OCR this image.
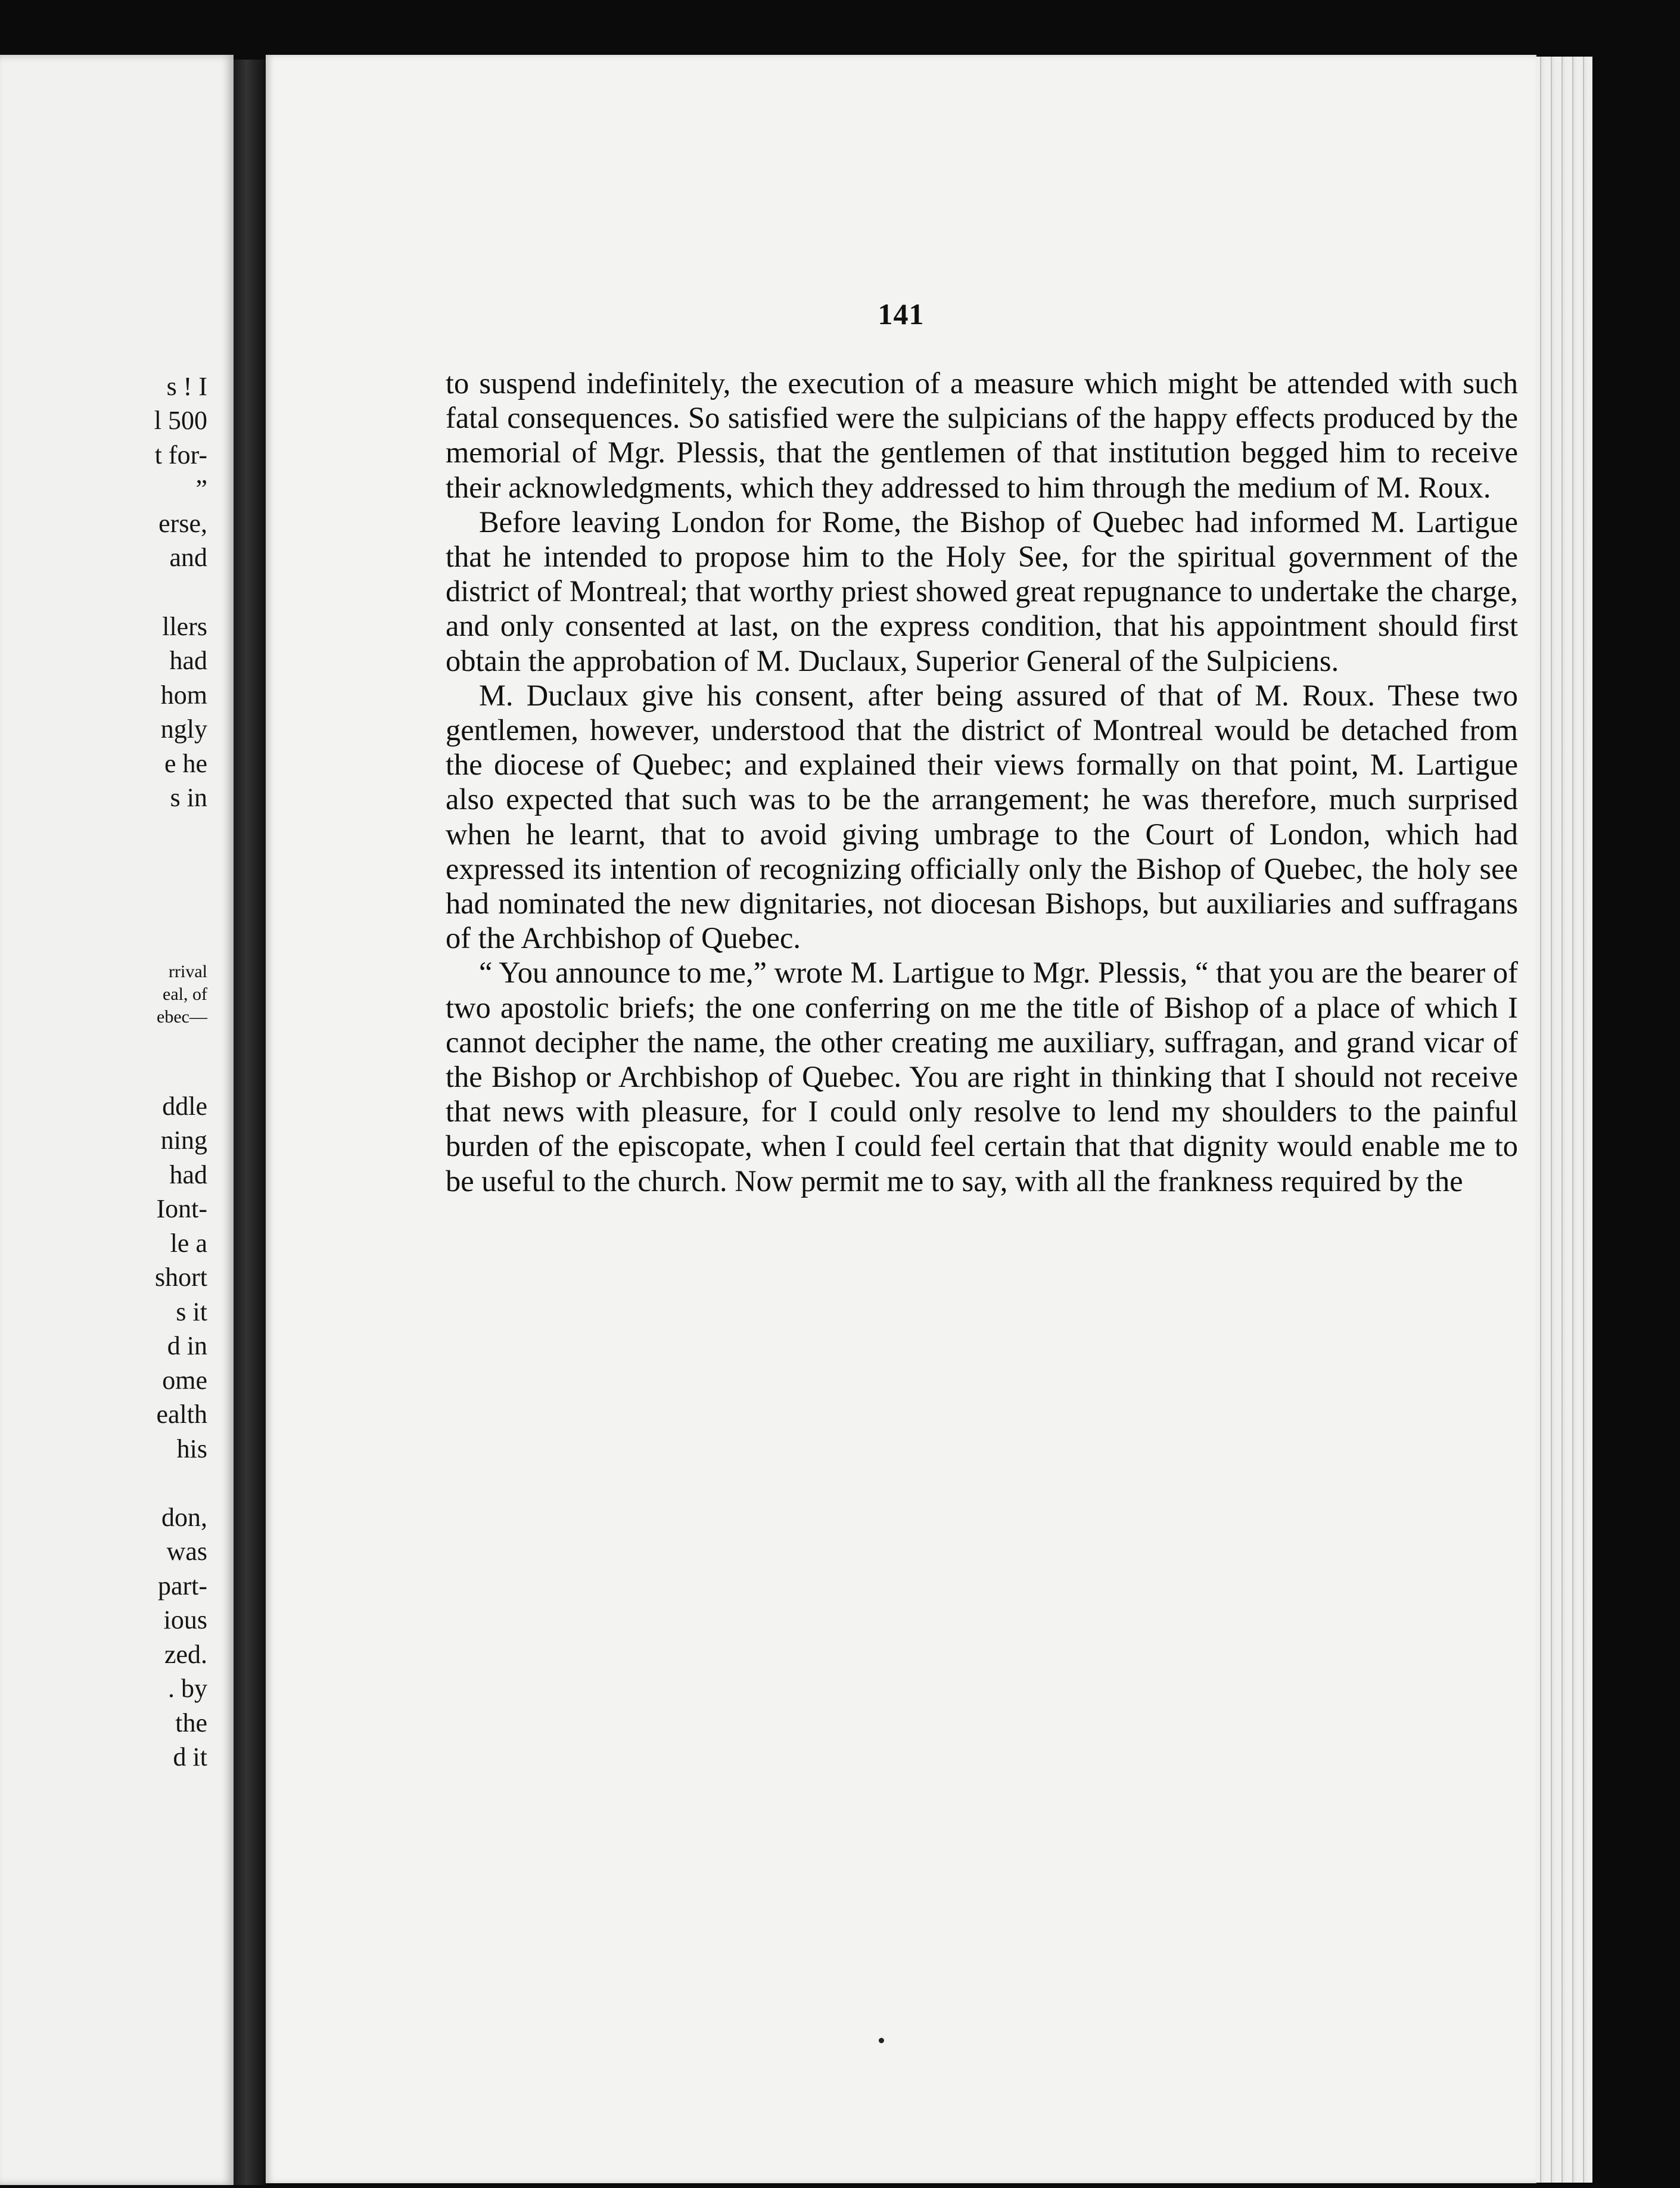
s ! I
l 500
t for-
”
erse,
and
llers
had
hom
ngly
e he
s in
ddle
ning
had
Iont-
le a
short
s it
d in
ome
ealth
his
don,
was
part-
ious
zed.
. by
the
d it
rrival
eal, of
ebec—
141

to suspend indefinitely, the execution of a measure which might be attended with such fatal consequences. So satisfied were the sulpicians of the happy effects produced by the memorial of Mgr. Plessis, that the gentlemen of that institution begged him to receive their acknowledgments, which they addressed to him through the medium of M. Roux.

Before leaving London for Rome, the Bishop of Quebec had informed M. Lartigue that he intended to propose him to the Holy See, for the spiritual government of the district of Montreal; that worthy priest showed great repugnance to undertake the charge, and only consented at last, on the express condition, that his appointment should first obtain the approbation of M. Duclaux, Superior General of the Sulpiciens.

M. Duclaux give his consent, after being assured of that of M. Roux. These two gentlemen, however, understood that the district of Montreal would be detached from the diocese of Quebec; and explained their views formally on that point, M. Lartigue also expected that such was to be the arrangement; he was therefore, much surprised when he learnt, that to avoid giving umbrage to the Court of London, which had expressed its intention of recognizing officially only the Bishop of Quebec, the holy see had nominated the new dignitaries, not diocesan Bishops, but auxiliaries and suffragans of the Archbishop of Quebec.

“ You announce to me,” wrote M. Lartigue to Mgr. Plessis, “ that you are the bearer of two apostolic briefs; the one conferring on me the title of Bishop of a place of which I cannot decipher the name, the other creating me auxiliary, suffragan, and grand vicar of the Bishop or Archbishop of Quebec. You are right in thinking that I should not receive that news with pleasure, for I could only resolve to lend my shoulders to the painful burden of the episcopate, when I could feel certain that that dignity would enable me to be useful to the church. Now permit me to say, with all the frankness required by the
